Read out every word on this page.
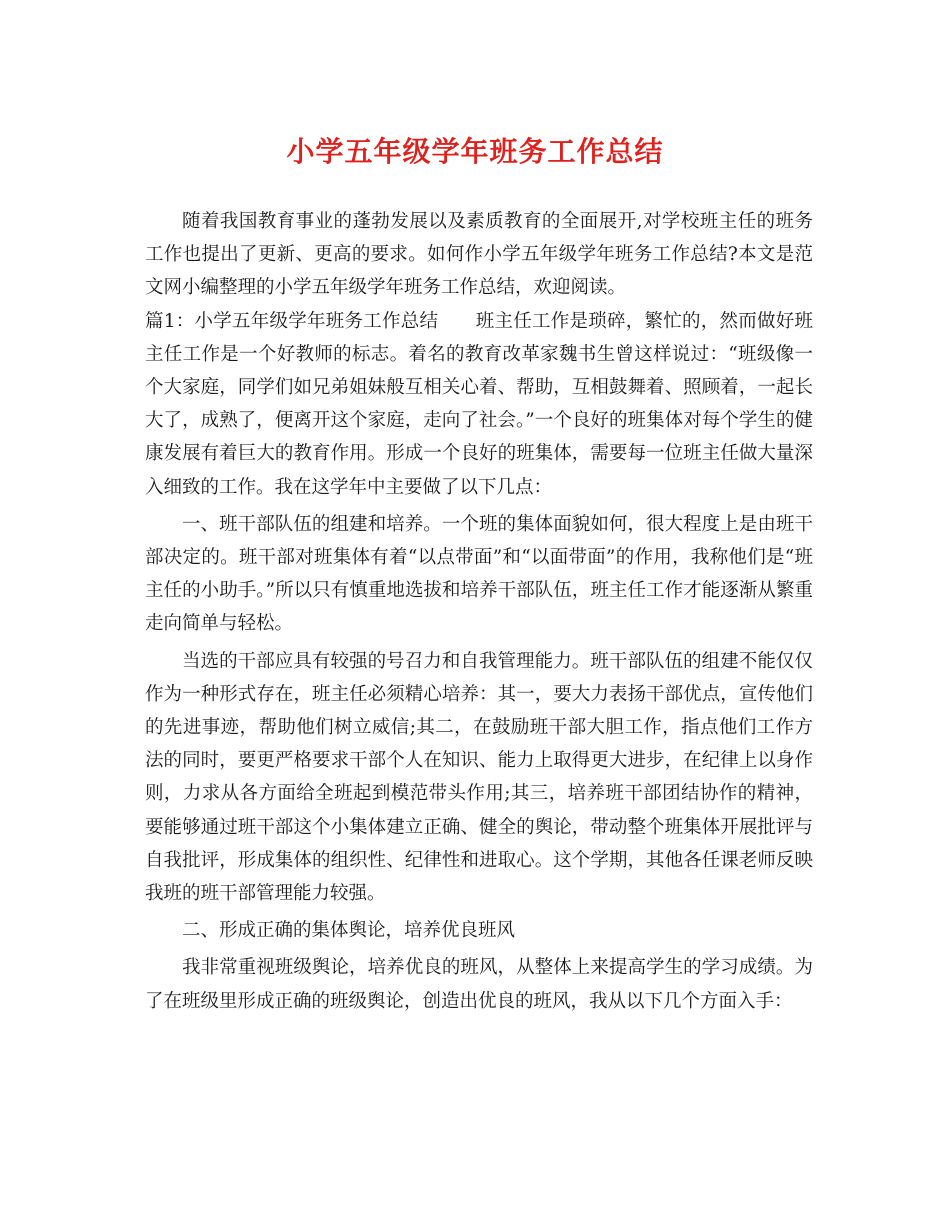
小学五年级学年班务工作总结

随着我国教育事业的蓬勃发展以及素质教育的全面展开,对学校班主任的班务工作也提出了更新、更高的要求。如何作小学五年级学年班务工作总结?本文是范文网小编整理的小学五年级学年班务工作总结，欢迎阅读。

篇1：小学五年级学年班务工作总结　　班主任工作是琐碎，繁忙的，然而做好班主任工作是一个好教师的标志。着名的教育改革家魏书生曾这样说过：“班级像一个大家庭，同学们如兄弟姐妹般互相关心着、帮助，互相鼓舞着、照顾着，一起长大了，成熟了，便离开这个家庭，走向了社会。”一个良好的班集体对每个学生的健康发展有着巨大的教育作用。形成一个良好的班集体，需要每一位班主任做大量深入细致的工作。我在这学年中主要做了以下几点：

一、班干部队伍的组建和培养。一个班的集体面貌如何，很大程度上是由班干部决定的。班干部对班集体有着“以点带面”和“以面带面”的作用，我称他们是“班主任的小助手。”所以只有慎重地选拔和培养干部队伍，班主任工作才能逐渐从繁重走向简单与轻松。

当选的干部应具有较强的号召力和自我管理能力。班干部队伍的组建不能仅仅作为一种形式存在，班主任必须精心培养：其一，要大力表扬干部优点，宣传他们的先进事迹，帮助他们树立威信;其二，在鼓励班干部大胆工作，指点他们工作方法的同时，要更严格要求干部个人在知识、能力上取得更大进步，在纪律上以身作则，力求从各方面给全班起到模范带头作用;其三，培养班干部团结协作的精神，要能够通过班干部这个小集体建立正确、健全的舆论，带动整个班集体开展批评与自我批评，形成集体的组织性、纪律性和进取心。这个学期，其他各任课老师反映我班的班干部管理能力较强。

二、形成正确的集体舆论，培养优良班风

我非常重视班级舆论，培养优良的班风，从整体上来提高学生的学习成绩。为了在班级里形成正确的班级舆论，创造出优良的班风，我从以下几个方面入手：
